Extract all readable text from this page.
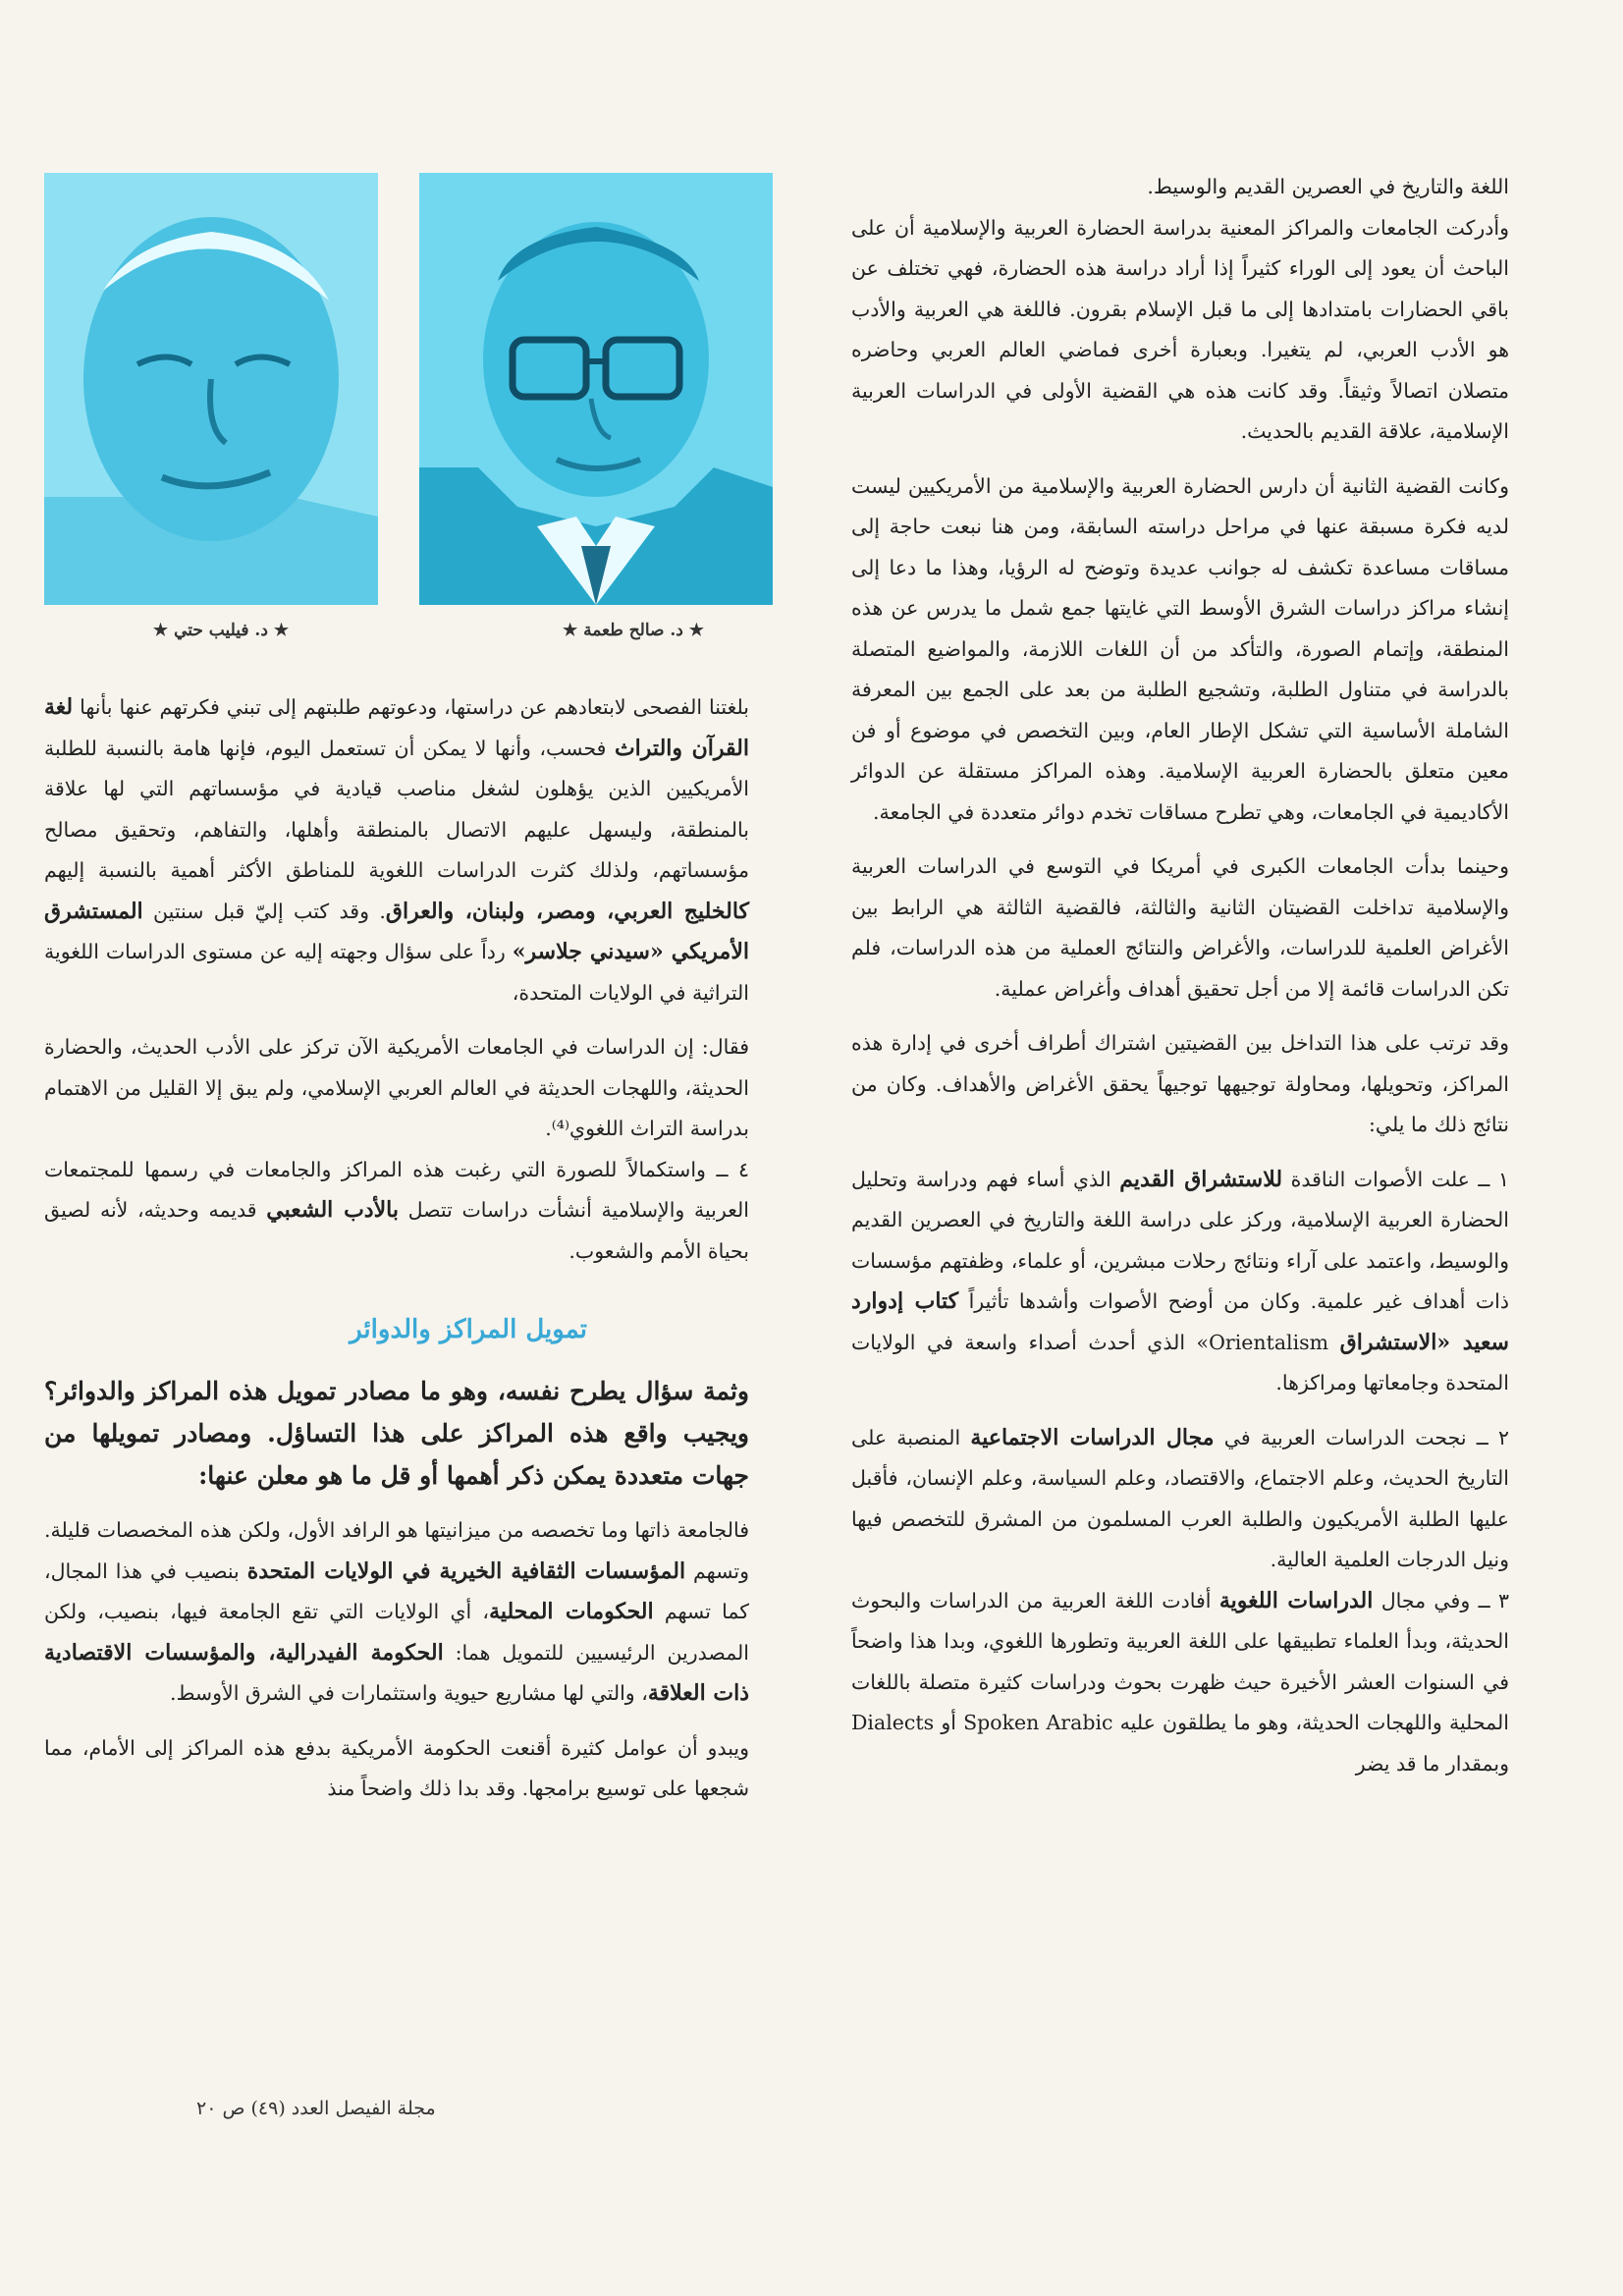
★ د. صالح طعمة ★
★ د. فيليب حتي ★

اللغة والتاريخ في العصرين القديم والوسيط.

وأدركت الجامعات والمراكز المعنية بدراسة الحضارة العربية والإسلامية أن على الباحث أن يعود إلى الوراء كثيراً إذا أراد دراسة هذه الحضارة، فهي تختلف عن باقي الحضارات بامتدادها إلى ما قبل الإسلام بقرون. فاللغة هي العربية والأدب هو الأدب العربي، لم يتغيرا. وبعبارة أخرى فماضي العالم العربي وحاضره متصلان اتصالاً وثيقاً. وقد كانت هذه هي القضية الأولى في الدراسات العربية الإسلامية، علاقة القديم بالحديث.

وكانت القضية الثانية أن دارس الحضارة العربية والإسلامية من الأمريكيين ليست لديه فكرة مسبقة عنها في مراحل دراسته السابقة، ومن هنا نبعت حاجة إلى مساقات مساعدة تكشف له جوانب عديدة وتوضح له الرؤيا، وهذا ما دعا إلى إنشاء مراكز دراسات الشرق الأوسط التي غايتها جمع شمل ما يدرس عن هذه المنطقة، وإتمام الصورة، والتأكد من أن اللغات اللازمة، والمواضيع المتصلة بالدراسة في متناول الطلبة، وتشجيع الطلبة من بعد على الجمع بين المعرفة الشاملة الأساسية التي تشكل الإطار العام، وبين التخصص في موضوع أو فن معين متعلق بالحضارة العربية الإسلامية. وهذه المراكز مستقلة عن الدوائر الأكاديمية في الجامعات، وهي تطرح مساقات تخدم دوائر متعددة في الجامعة.

وحينما بدأت الجامعات الكبرى في أمريكا في التوسع في الدراسات العربية والإسلامية تداخلت القضيتان الثانية والثالثة، فالقضية الثالثة هي الرابط بين الأغراض العلمية للدراسات، والأغراض والنتائج العملية من هذه الدراسات، فلم تكن الدراسات قائمة إلا من أجل تحقيق أهداف وأغراض عملية.

وقد ترتب على هذا التداخل بين القضيتين اشتراك أطراف أخرى في إدارة هذه المراكز، وتحويلها، ومحاولة توجيهها توجيهاً يحقق الأغراض والأهداف. وكان من نتائج ذلك ما يلي:

١ ــ علت الأصوات الناقدة للاستشراق القديم الذي أساء فهم ودراسة وتحليل الحضارة العربية الإسلامية، وركز على دراسة اللغة والتاريخ في العصرين القديم والوسيط، واعتمد على آراء ونتائج رحلات مبشرين، أو علماء، وظفتهم مؤسسات ذات أهداف غير علمية. وكان من أوضح الأصوات وأشدها تأثيراً كتاب إدوارد سعيد «الاستشراق Orientalism» الذي أحدث أصداء واسعة في الولايات المتحدة وجامعاتها ومراكزها.

٢ ــ نجحت الدراسات العربية في مجال الدراسات الاجتماعية المنصبة على التاريخ الحديث، وعلم الاجتماع، والاقتصاد، وعلم السياسة، وعلم الإنسان، فأقبل عليها الطلبة الأمريكيون والطلبة العرب المسلمون من المشرق للتخصص فيها ونيل الدرجات العلمية العالية.

٣ ــ وفي مجال الدراسات اللغوية أفادت اللغة العربية من الدراسات والبحوث الحديثة، وبدأ العلماء تطبيقها على اللغة العربية وتطورها اللغوي، وبدا هذا واضحاً في السنوات العشر الأخيرة حيث ظهرت بحوث ودراسات كثيرة متصلة باللغات المحلية واللهجات الحديثة، وهو ما يطلقون عليه Spoken Arabic أو Dialects وبمقدار ما قد يضر

بلغتنا الفصحى لابتعادهم عن دراستها، ودعوتهم طلبتهم إلى تبني فكرتهم عنها بأنها لغة القرآن والتراث فحسب، وأنها لا يمكن أن تستعمل اليوم، فإنها هامة بالنسبة للطلبة الأمريكيين الذين يؤهلون لشغل مناصب قيادية في مؤسساتهم التي لها علاقة بالمنطقة، وليسهل عليهم الاتصال بالمنطقة وأهلها، والتفاهم، وتحقيق مصالح مؤسساتهم، ولذلك كثرت الدراسات اللغوية للمناطق الأكثر أهمية بالنسبة إليهم كالخليج العربي، ومصر، ولبنان، والعراق. وقد كتب إليّ قبل سنتين المستشرق الأمريكي «سيدني جلاسر» رداً على سؤال وجهته إليه عن مستوى الدراسات اللغوية التراثية في الولايات المتحدة،

فقال: إن الدراسات في الجامعات الأمريكية الآن تركز على الأدب الحديث، والحضارة الحديثة، واللهجات الحديثة في العالم العربي الإسلامي، ولم يبق إلا القليل من الاهتمام بدراسة التراث اللغوي⁽⁴⁾.

٤ ــ واستكمالاً للصورة التي رغبت هذه المراكز والجامعات في رسمها للمجتمعات العربية والإسلامية أنشأت دراسات تتصل بالأدب الشعبي قديمه وحديثه، لأنه لصيق بحياة الأمم والشعوب.

تمويل المراكز والدوائر

وثمة سؤال يطرح نفسه، وهو ما مصادر تمويل هذه المراكز والدوائر؟ ويجيب واقع هذه المراكز على هذا التساؤل. ومصادر تمويلها من جهات متعددة يمكن ذكر أهمها أو قل ما هو معلن عنها:

فالجامعة ذاتها وما تخصصه من ميزانيتها هو الرافد الأول، ولكن هذه المخصصات قليلة. وتسهم المؤسسات الثقافية الخيرية في الولايات المتحدة بنصيب في هذا المجال، كما تسهم الحكومات المحلية، أي الولايات التي تقع الجامعة فيها، بنصيب، ولكن المصدرين الرئيسيين للتمويل هما: الحكومة الفيدرالية، والمؤسسات الاقتصادية ذات العلاقة، والتي لها مشاريع حيوية واستثمارات في الشرق الأوسط.

ويبدو أن عوامل كثيرة أقنعت الحكومة الأمريكية بدفع هذه المراكز إلى الأمام، مما شجعها على توسيع برامجها. وقد بدا ذلك واضحاً منذ

مجلة الفيصل العدد (٤٩) ص ٢٠
